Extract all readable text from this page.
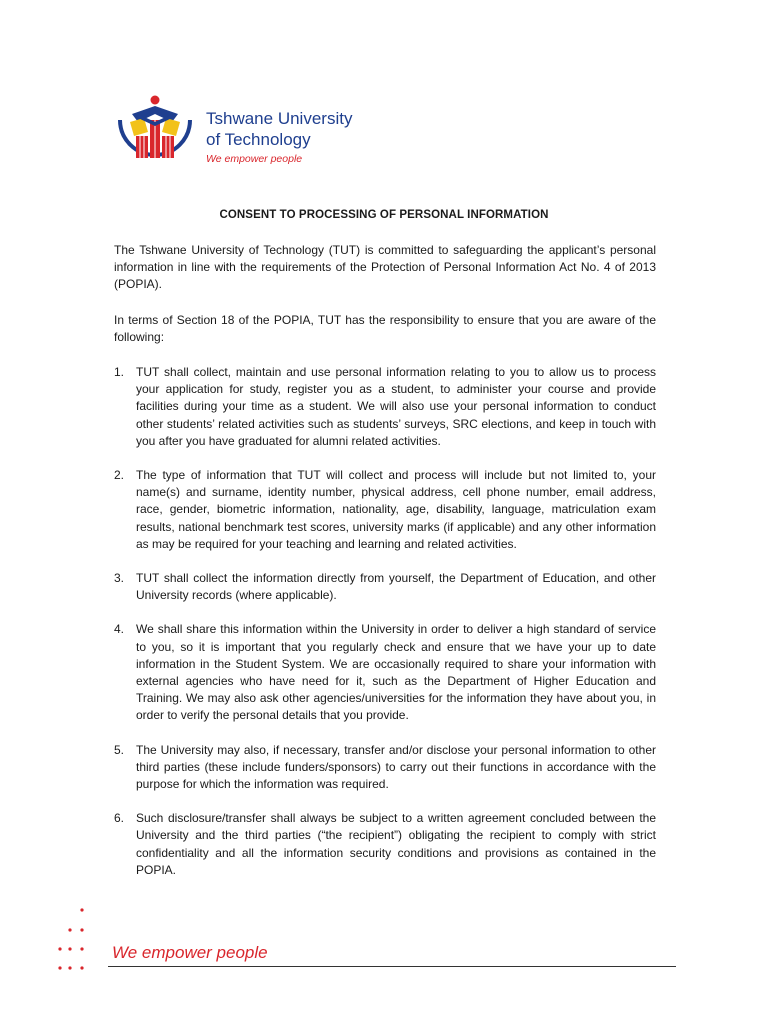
Tshwane University
of Technology
We empower people
CONSENT TO PROCESSING OF PERSONAL INFORMATION
The Tshwane University of Technology (TUT) is committed to safeguarding the applicant’s personal information in line with the requirements of the Protection of Personal Information Act No. 4 of 2013 (POPIA).
In terms of Section 18 of the POPIA, TUT has the responsibility to ensure that you are aware of the following:
1. TUT shall collect, maintain and use personal information relating to you to allow us to process your application for study, register you as a student, to administer your course and provide facilities during your time as a student. We will also use your personal information to conduct other students’ related activities such as students’ surveys, SRC elections, and keep in touch with you after you have graduated for alumni related activities.
2. The type of information that TUT will collect and process will include but not limited to, your name(s) and surname, identity number, physical address, cell phone number, email address, race, gender, biometric information, nationality, age, disability, language, matriculation exam results, national benchmark test scores, university marks (if applicable) and any other information as may be required for your teaching and learning and related activities.
3. TUT shall collect the information directly from yourself, the Department of Education, and other University records (where applicable).
4. We shall share this information within the University in order to deliver a high standard of service to you, so it is important that you regularly check and ensure that we have your up to date information in the Student System. We are occasionally required to share your information with external agencies who have need for it, such as the Department of Higher Education and Training. We may also ask other agencies/universities for the information they have about you, in order to verify the personal details that you provide.
5. The University may also, if necessary, transfer and/or disclose your personal information to other third parties (these include funders/sponsors) to carry out their functions in accordance with the purpose for which the information was required.
6. Such disclosure/transfer shall always be subject to a written agreement concluded between the University and the third parties (“the recipient”) obligating the recipient to comply with strict confidentiality and all the information security conditions and provisions as contained in the POPIA.
We empower people
